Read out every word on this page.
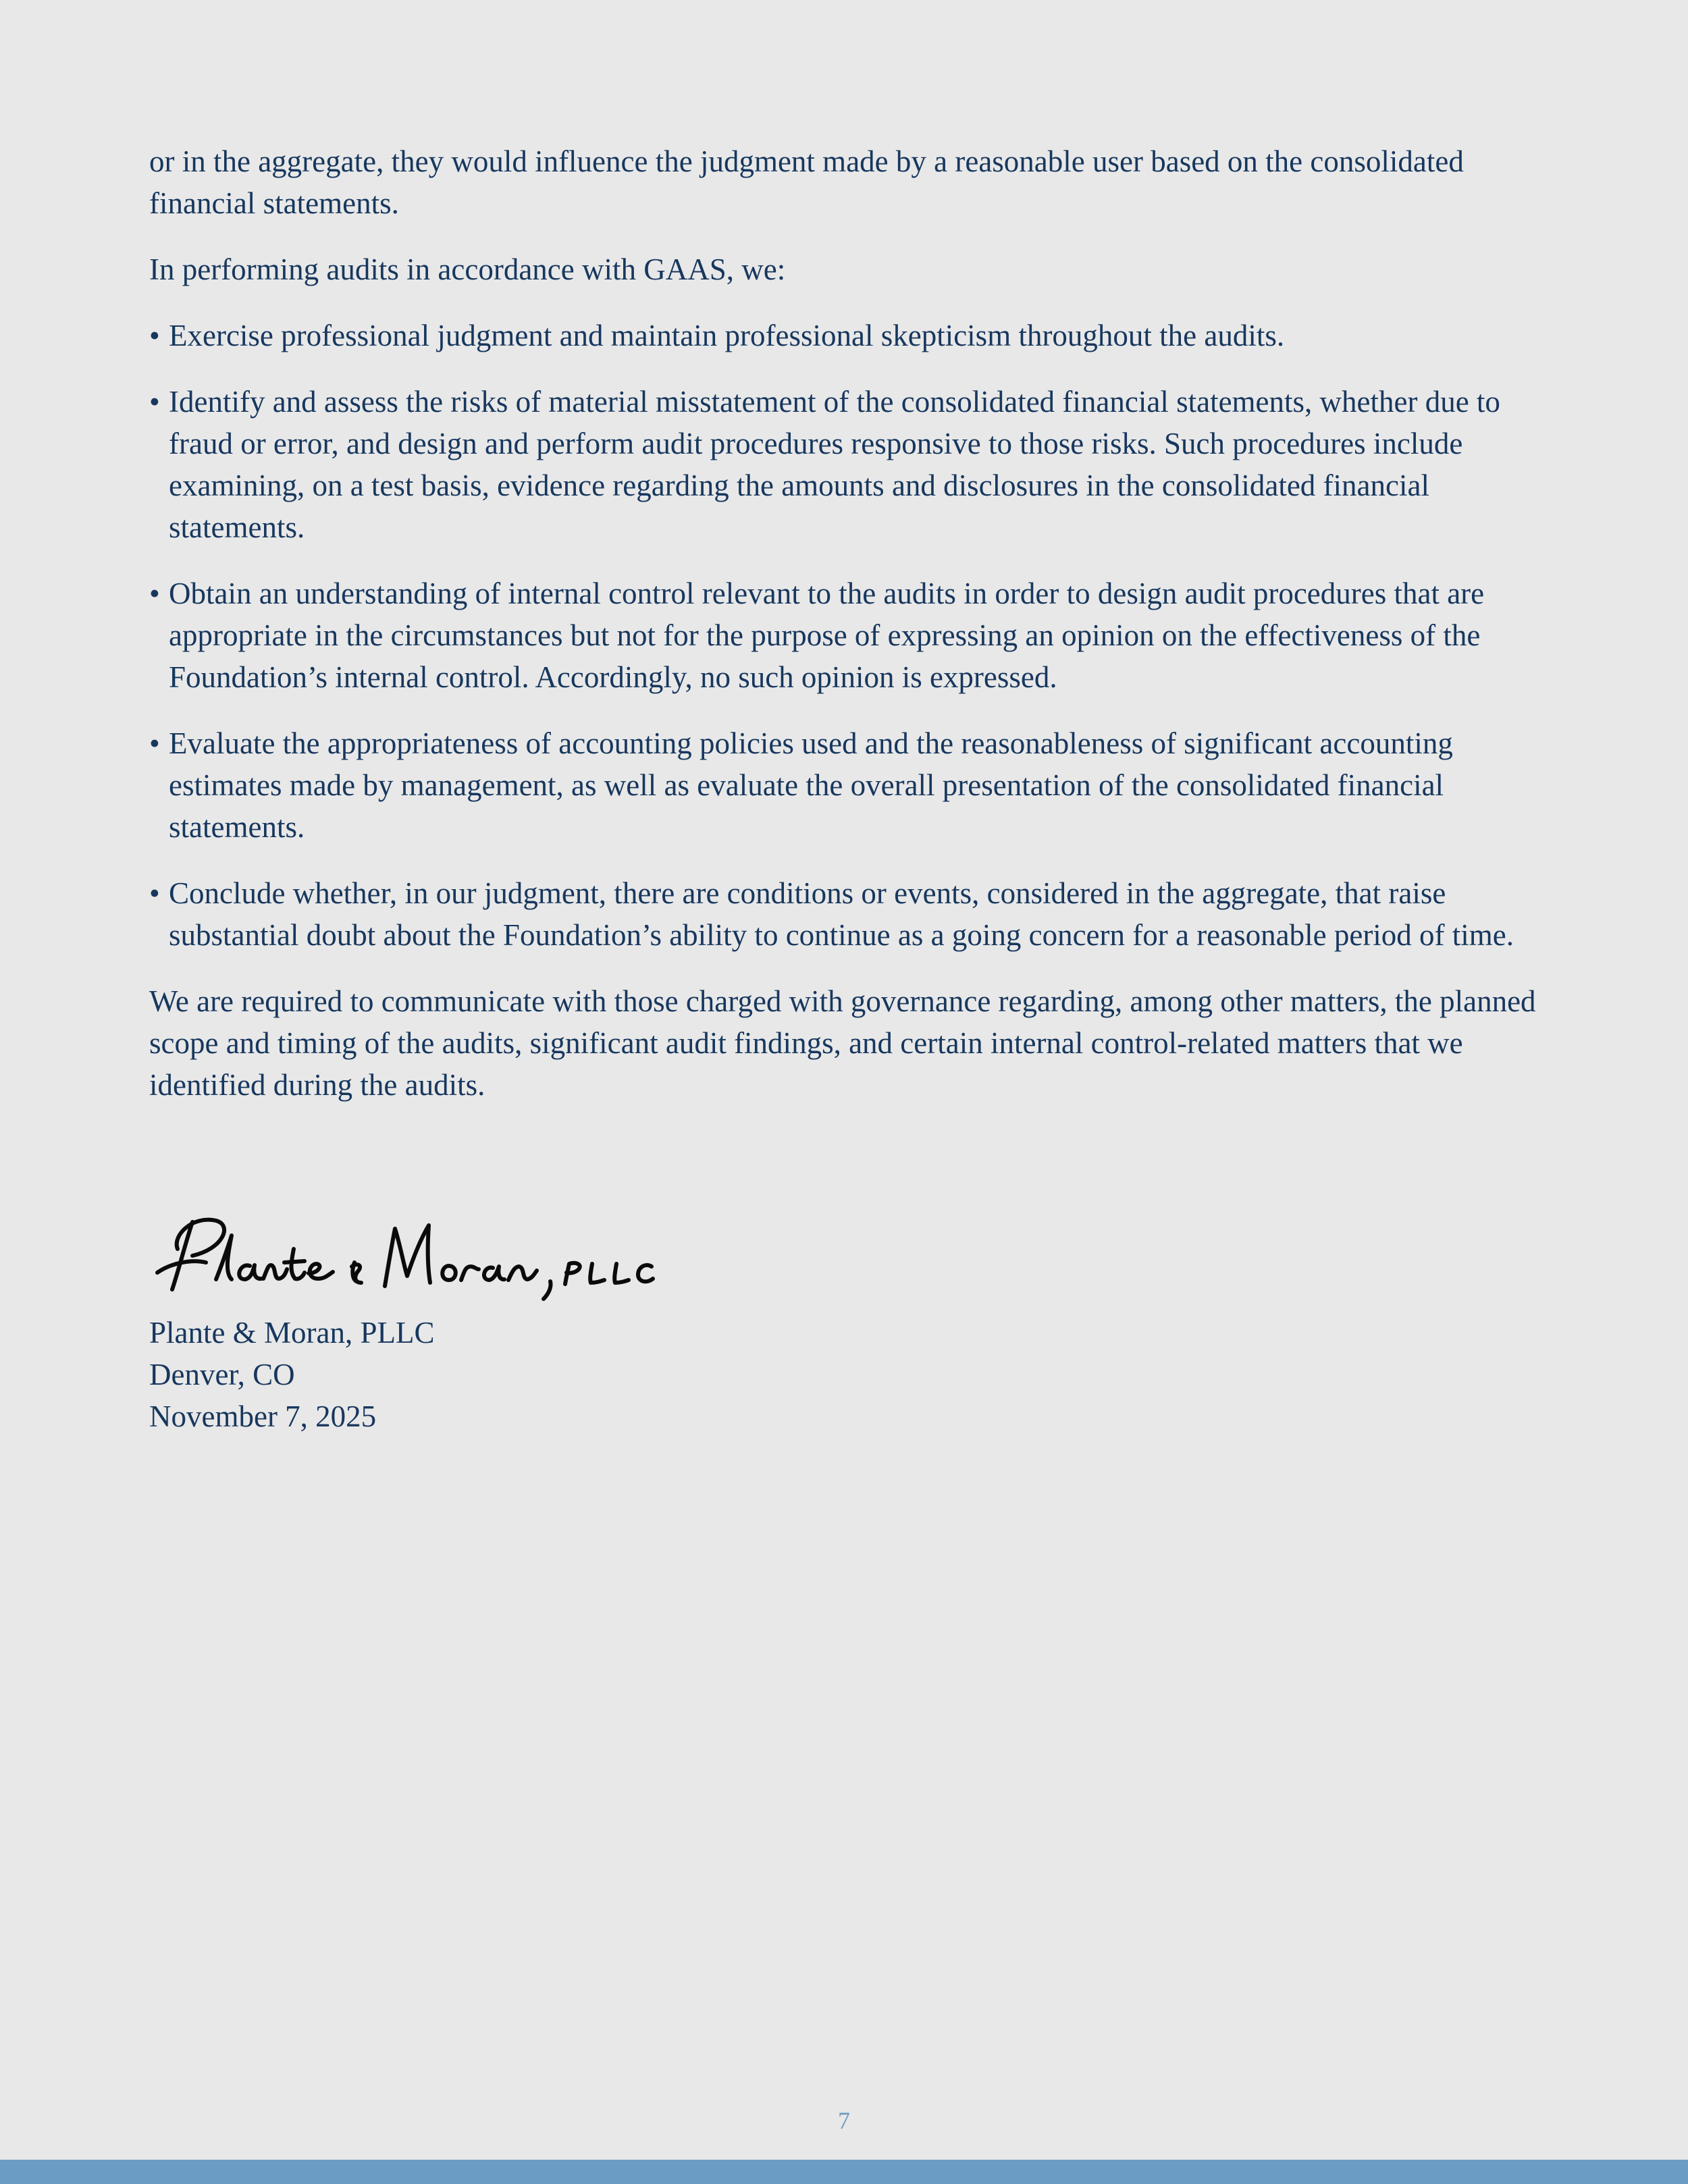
or in the aggregate, they would influence the judgment made by a reasonable user based on the consolidated financial statements.

In performing audits in accordance with GAAS, we:

• Exercise professional judgment and maintain professional skepticism throughout the audits.
• Identify and assess the risks of material misstatement of the consolidated financial statements, whether due to fraud or error, and design and perform audit procedures responsive to those risks. Such procedures include examining, on a test basis, evidence regarding the amounts and disclosures in the consolidated financial statements.
• Obtain an understanding of internal control relevant to the audits in order to design audit procedures that are appropriate in the circumstances but not for the purpose of expressing an opinion on the effectiveness of the Foundation’s internal control. Accordingly, no such opinion is expressed.
• Evaluate the appropriateness of accounting policies used and the reasonableness of significant accounting estimates made by management, as well as evaluate the overall presentation of the consolidated financial statements.
• Conclude whether, in our judgment, there are conditions or events, considered in the aggregate, that raise substantial doubt about the Foundation’s ability to continue as a going concern for a reasonable period of time.

We are required to communicate with those charged with governance regarding, among other matters, the planned scope and timing of the audits, significant audit findings, and certain internal control-related matters that we identified during the audits.

Plante & Moran, PLLC
Denver, CO
November 7, 2025
7
